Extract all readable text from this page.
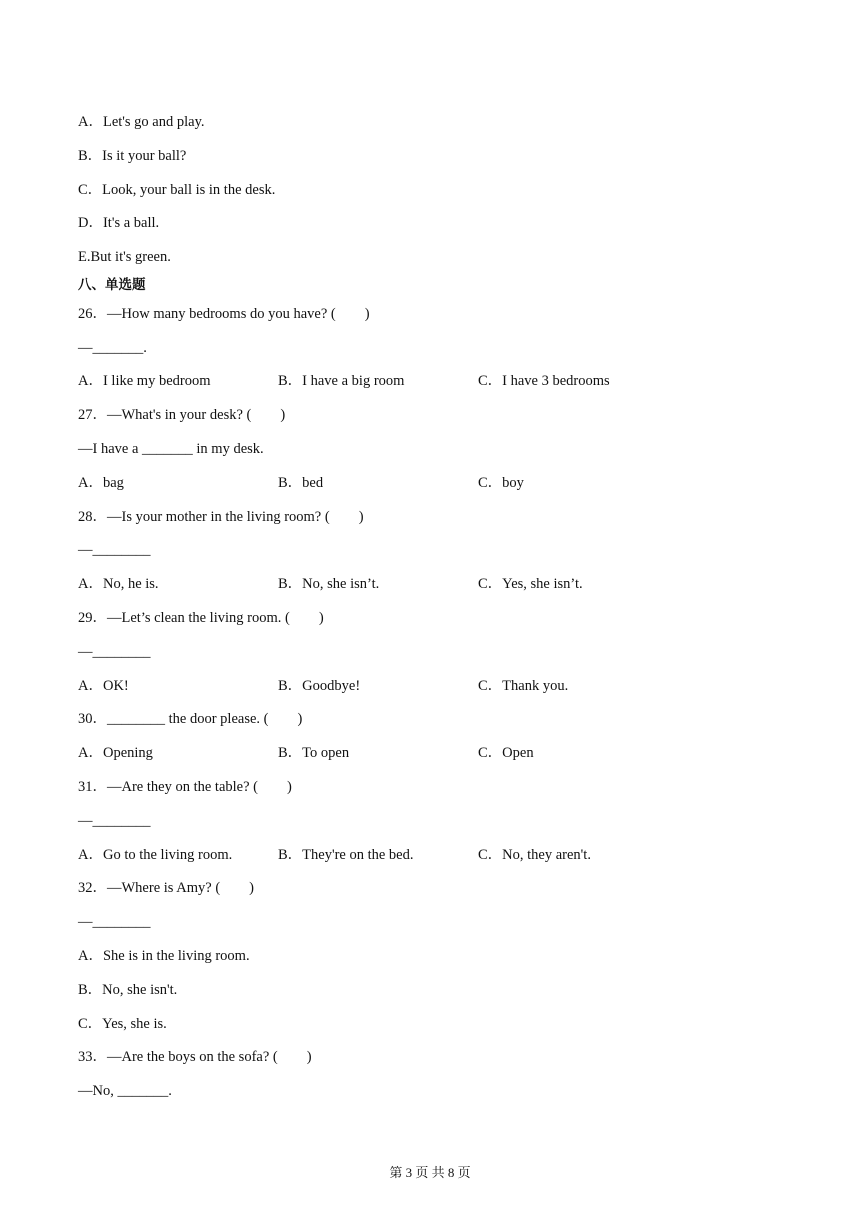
A．Let's go and play.
B．Is it your ball?
C．Look, your ball is in the desk.
D．It's a ball.
E.But it's green.
八、单选题
26．—How many bedrooms do you have? (　　)
—_______.
A．I like my bedroom	B．I have a big room	C．I have 3 bedrooms
27．—What's in your desk? (　　)
—I have a _______ in my desk.
A．bag	B．bed	C．boy
28．—Is your mother in the living room? (　　)
—________
A．No, he is.	B．No, she isn’t.	C．Yes, she isn’t.
29．—Let’s clean the living room. (　　)
—________
A．OK!	B．Goodbye!	C．Thank you.
30．________ the door please. (　　)
A．Opening	B．To open	C．Open
31．—Are they on the table? (　　)
—________
A．Go to the living room.	B．They're on the bed.	C．No, they aren't.
32．—Where is Amy? (　　)
—________
A．She is in the living room.
B．No, she isn't.
C．Yes, she is.
33．—Are the boys on the sofa? (　　)
—No, _______.
第 3 页 共 8 页
